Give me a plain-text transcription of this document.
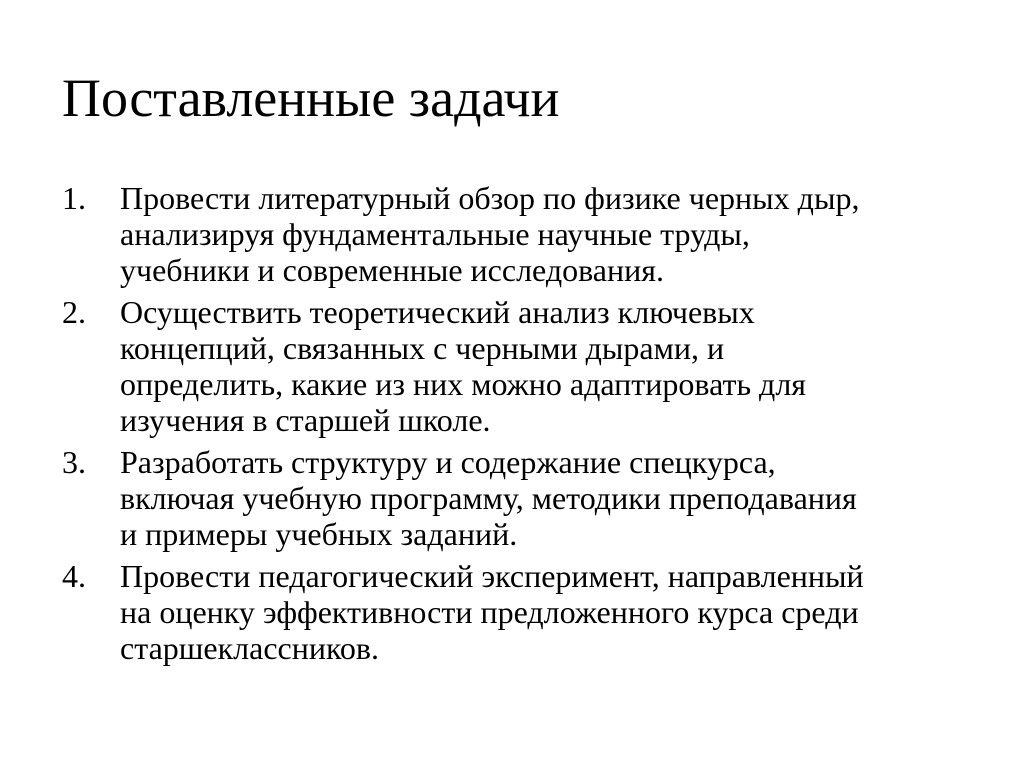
Поставленные задачи
1.	Провести литературный обзор по физике черных дыр,
анализируя фундаментальные научные труды,
учебники и современные исследования.
2.	Осуществить теоретический анализ ключевых
концепций, связанных с черными дырами, и
определить, какие из них можно адаптировать для
изучения в старшей школе.
3.	Разработать структуру и содержание спецкурса,
включая учебную программу, методики преподавания
и примеры учебных заданий.
4.	Провести педагогический эксперимент, направленный
на оценку эффективности предложенного курса среди
старшеклассников.
